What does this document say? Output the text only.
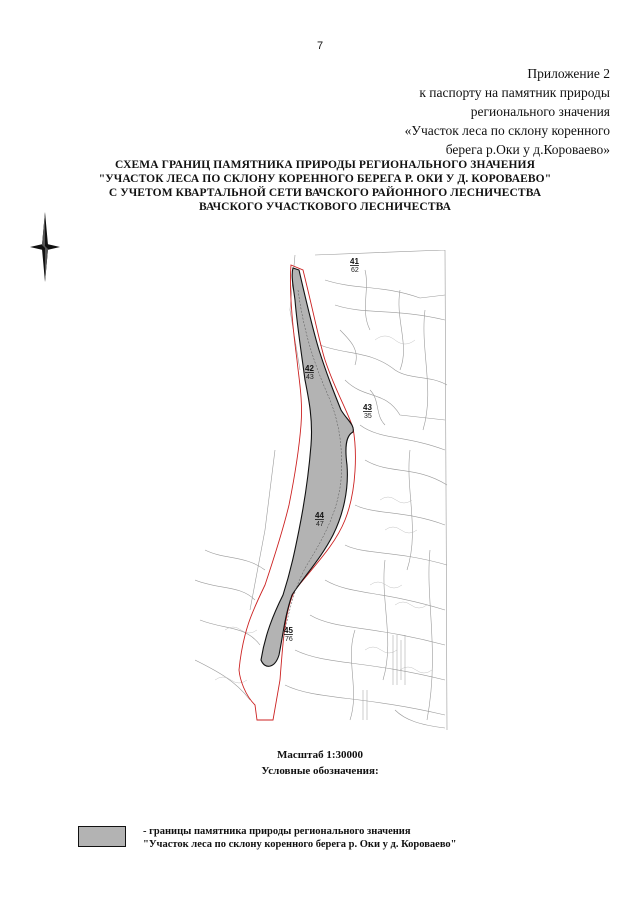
7
Приложение 2
к паспорту на памятник природы
регионального значения
«Участок леса по склону коренного
берега р.Оки у д.Короваево»
СХЕМА ГРАНИЦ ПАМЯТНИКА ПРИРОДЫ РЕГИОНАЛЬНОГО ЗНАЧЕНИЯ
"УЧАСТОК ЛЕСА ПО СКЛОНУ КОРЕННОГО БЕРЕГА Р. ОКИ У Д. КОРОВАЕВО"
С УЧЕТОМ КВАРТАЛЬНОЙ СЕТИ ВАЧСКОГО РАЙОННОГО ЛЕСНИЧЕСТВА
ВАЧСКОГО УЧАСТКОВОГО ЛЕСНИЧЕСТВА
41
62
42
43
43
35
44
47
45
76
Масштаб 1:30000
Условные обозначения:
- границы памятника природы регионального значения
"Участок леса по склону коренного берега р. Оки у д. Короваево"
